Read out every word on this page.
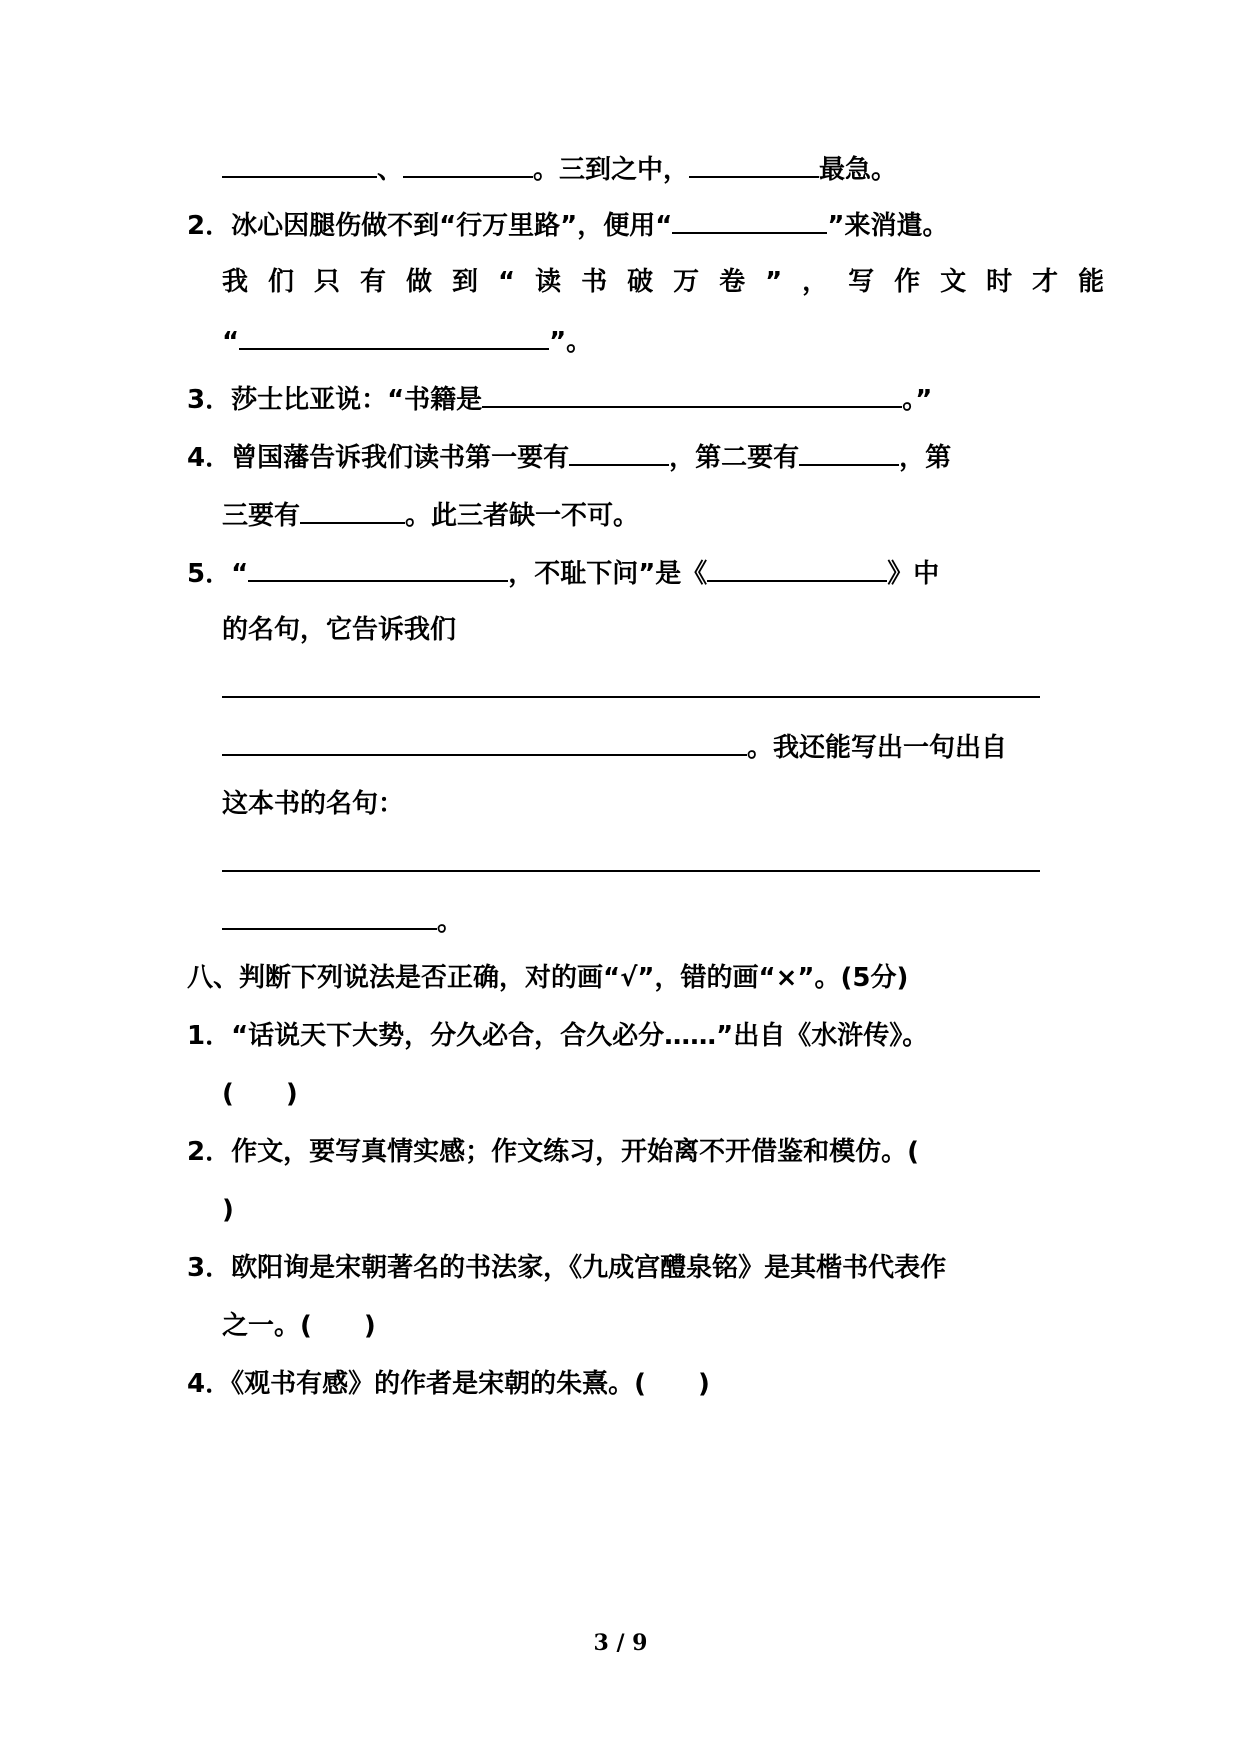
、	。三到之中，	最急。
2．冰心因腿伤做不到“行万里路”，便用“	”来消遣。
我们只有做到“读书破万卷”，写作文时才能
“	”。
3．莎士比亚说：“书籍是	。”
4．曾国藩告诉我们读书第一要有	，第二要有	，第
三要有	。此三者缺一不可。
5．“	，不耻下问”是《	》中
的名句，它告诉我们
。我还能写出一句出自
这本书的名句：
。
八、判断下列说法是否正确，对的画“√”，错的画“×”。(5分)
1．“话说天下大势，分久必合，合久必分……”出自《水浒传》。
(　　)
2．作文，要写真情实感；作文练习，开始离不开借鉴和模仿。(
)
3．欧阳询是宋朝著名的书法家，《九成宫醴泉铭》是其楷书代表作
之一。(　　)
4．《观书有感》的作者是宋朝的朱熹。(　　)
3 / 9
